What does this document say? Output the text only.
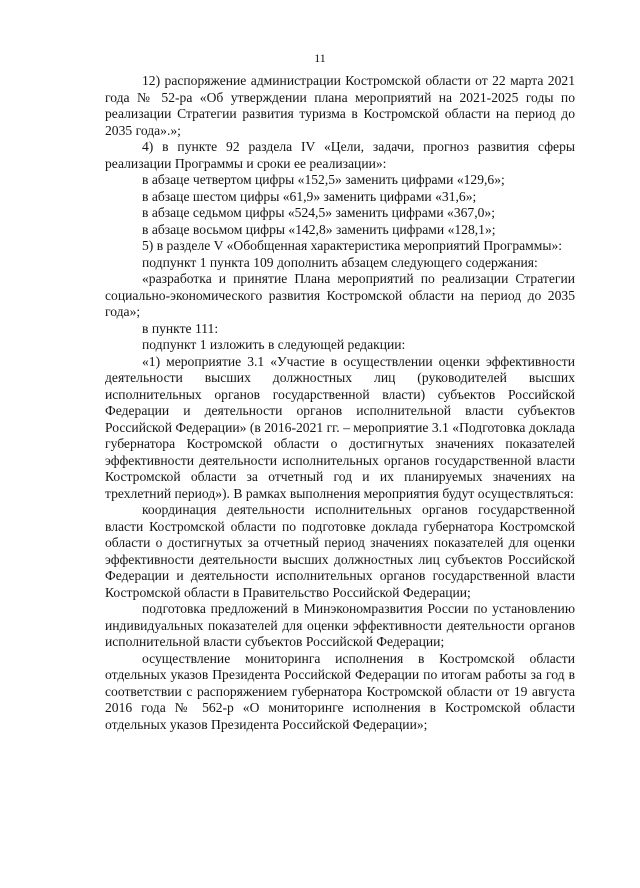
11

12) распоряжение администрации Костромской области от 22 марта 2021 года № 52-ра «Об утверждении плана мероприятий на 2021-2025 годы по реализации Стратегии развития туризма в Костромской области на период до 2035 года».»;

4) в пункте 92 раздела IV «Цели, задачи, прогноз развития сферы реализации Программы и сроки ее реализации»:

в абзаце четвертом цифры «152,5» заменить цифрами «129,6»;

в абзаце шестом цифры «61,9» заменить цифрами «31,6»;

в абзаце седьмом цифры «524,5» заменить цифрами «367,0»;

в абзаце восьмом цифры «142,8» заменить цифрами «128,1»;

5) в разделе V «Обобщенная характеристика мероприятий Программы»:

подпункт 1 пункта 109 дополнить абзацем следующего содержания:

«разработка и принятие Плана мероприятий по реализации Стратегии социально-экономического развития Костромской области на период до 2035 года»;

в пункте 111:

подпункт 1 изложить в следующей редакции:

«1) мероприятие 3.1 «Участие в осуществлении оценки эффективности деятельности высших должностных лиц (руководителей высших исполнительных органов государственной власти) субъектов Российской Федерации и деятельности органов исполнительной власти субъектов Российской Федерации» (в 2016-2021 гг. – мероприятие 3.1 «Подготовка доклада губернатора Костромской области о достигнутых значениях показателей эффективности деятельности исполнительных органов государственной власти Костромской области за отчетный год и их планируемых значениях на трехлетний период»). В рамках выполнения мероприятия будут осуществляться:

координация деятельности исполнительных органов государственной власти Костромской области по подготовке доклада губернатора Костромской области о достигнутых за отчетный период значениях показателей для оценки эффективности деятельности высших должностных лиц субъектов Российской Федерации и деятельности исполнительных органов государственной власти Костромской области в Правительство Российской Федерации;

подготовка предложений в Минэкономразвития России по установлению индивидуальных показателей для оценки эффективности деятельности органов исполнительной власти субъектов Российской Федерации;

осуществление мониторинга исполнения в Костромской области отдельных указов Президента Российской Федерации по итогам работы за год в соответствии с распоряжением губернатора Костромской области от 19 августа 2016 года № 562-р «О мониторинге исполнения в Костромской области отдельных указов Президента Российской Федерации»;
